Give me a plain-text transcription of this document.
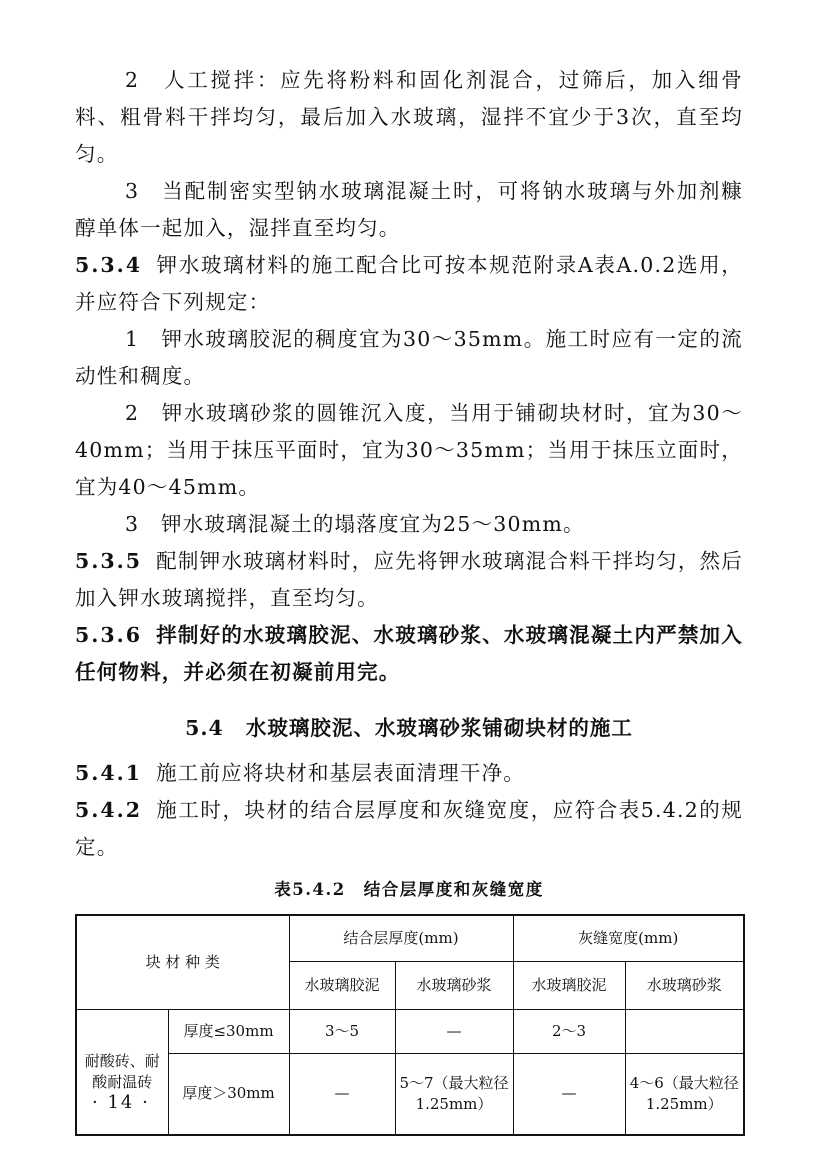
2　人工搅拌：应先将粉料和固化剂混合，过筛后，加入细骨料、粗骨料干拌均匀，最后加入水玻璃，湿拌不宜少于3次，直至均匀。

3　当配制密实型钠水玻璃混凝土时，可将钠水玻璃与外加剂糠醇单体一起加入，湿拌直至均匀。

5.3.4 钾水玻璃材料的施工配合比可按本规范附录A表A.0.2选用，并应符合下列规定：

1　钾水玻璃胶泥的稠度宜为30～35mm。施工时应有一定的流动性和稠度。

2　钾水玻璃砂浆的圆锥沉入度，当用于铺砌块材时，宜为30～40mm；当用于抹压平面时，宜为30～35mm；当用于抹压立面时，宜为40～45mm。

3　钾水玻璃混凝土的塌落度宜为25～30mm。

5.3.5 配制钾水玻璃材料时，应先将钾水玻璃混合料干拌均匀，然后加入钾水玻璃搅拌，直至均匀。

5.3.6 拌制好的水玻璃胶泥、水玻璃砂浆、水玻璃混凝土内严禁加入任何物料，并必须在初凝前用完。

5.4 水玻璃胶泥、水玻璃砂浆铺砌块材的施工

5.4.1 施工前应将块材和基层表面清理干净。

5.4.2 施工时，块材的结合层厚度和灰缝宽度，应符合表5.4.2的规定。

表5.4.2　结合层厚度和灰缝宽度
块 材 种 类		结合层厚度(mm)		灰缝宽度(mm)	
		水玻璃胶泥	水玻璃砂浆	水玻璃胶泥	水玻璃砂浆
耐酸砖、耐酸耐温砖	厚度≤30mm	3～5	—	2～3	
	厚度＞30mm	—	5～7（最大粒径1.25mm）	—	4～6（最大粒径1.25mm）
· 14 ·
